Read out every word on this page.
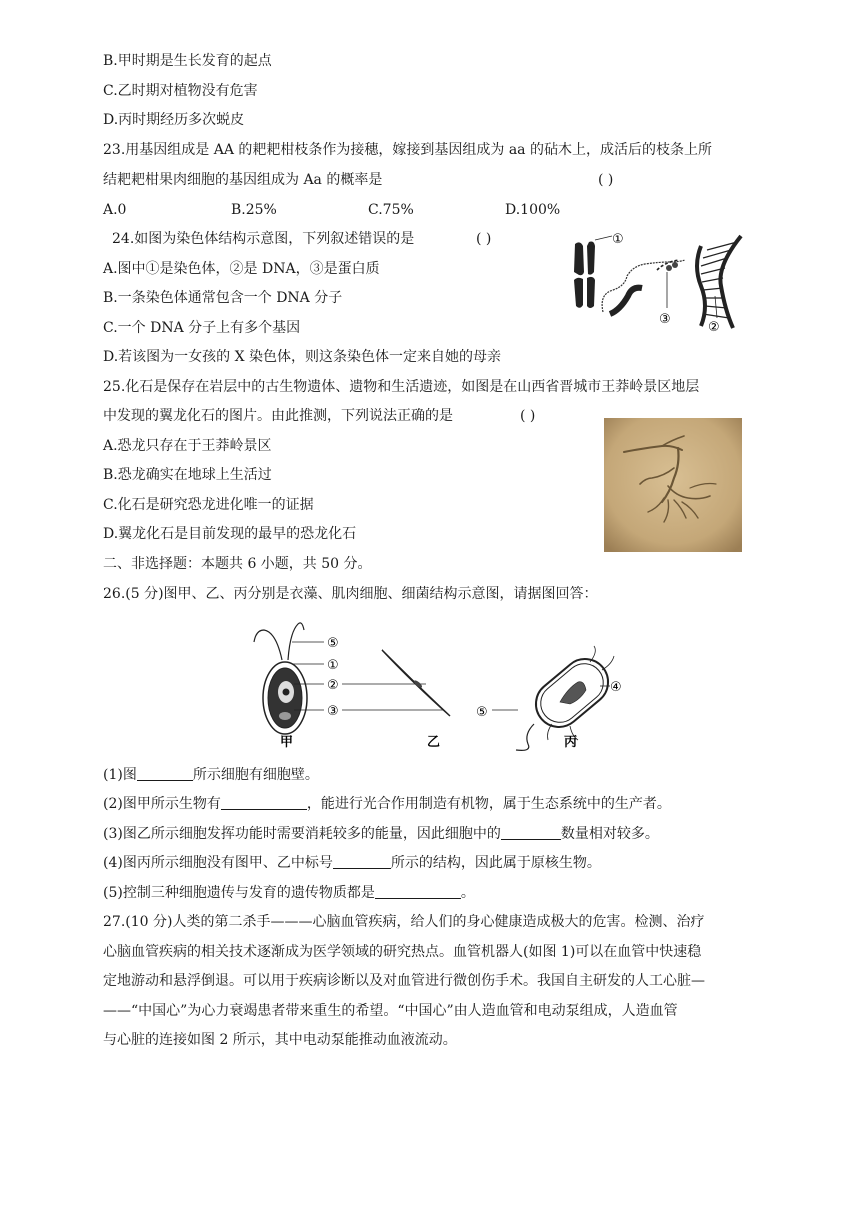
B.甲时期是生长发育的起点
C.乙时期对植物没有危害
D.丙时期经历多次蜕皮
23.用基因组成是 AA 的耙耙柑枝条作为接穗，嫁接到基因组成为 aa 的砧木上，成活后的枝条上所
结耙耙柑果肉细胞的基因组成为 Aa 的概率是	( )
A.0	B.25%	C.75%	D.100%
24.如图为染色体结构示意图，下列叙述错误的是	( )
A.图中①是染色体，②是 DNA，③是蛋白质
B.一条染色体通常包含一个 DNA 分子
C.一个 DNA 分子上有多个基因
D.若该图为一女孩的 X 染色体，则这条染色体一定来自她的母亲
①
③
②
25.化石是保存在岩层中的古生物遗体、遗物和生活遗迹，如图是在山西省晋城市王莽岭景区地层
中发现的翼龙化石的图片。由此推测，下列说法正确的是	( )
A.恐龙只存在于王莽岭景区
B.恐龙确实在地球上生活过
C.化石是研究恐龙进化唯一的证据
D.翼龙化石是目前发现的最早的恐龙化石
二、非选择题：本题共 6 小题，共 50 分。
26.(5 分)图甲、乙、丙分别是衣藻、肌肉细胞、细菌结构示意图，请据图回答：
⑤
①
②
③
④
⑤
甲	乙	丙
(1)图	所示细胞有细胞壁。
(2)图甲所示生物有	，能进行光合作用制造有机物，属于生态系统中的生产者。
(3)图乙所示细胞发挥功能时需要消耗较多的能量，因此细胞中的	数量相对较多。
(4)图丙所示细胞没有图甲、乙中标号	所示的结构，因此属于原核生物。
(5)控制三种细胞遗传与发育的遗传物质都是	。
27.(10 分)人类的第二杀手———心脑血管疾病，给人们的身心健康造成极大的危害。检测、治疗
心脑血管疾病的相关技术逐渐成为医学领域的研究热点。血管机器人(如图 1)可以在血管中快速稳
定地游动和悬浮倒退。可以用于疾病诊断以及对血管进行微创伤手术。我国自主研发的人工心脏—
——“中国心”为心力衰竭患者带来重生的希望。“中国心”由人造血管和电动泵组成，人造血管
与心脏的连接如图 2 所示，其中电动泵能推动血液流动。
